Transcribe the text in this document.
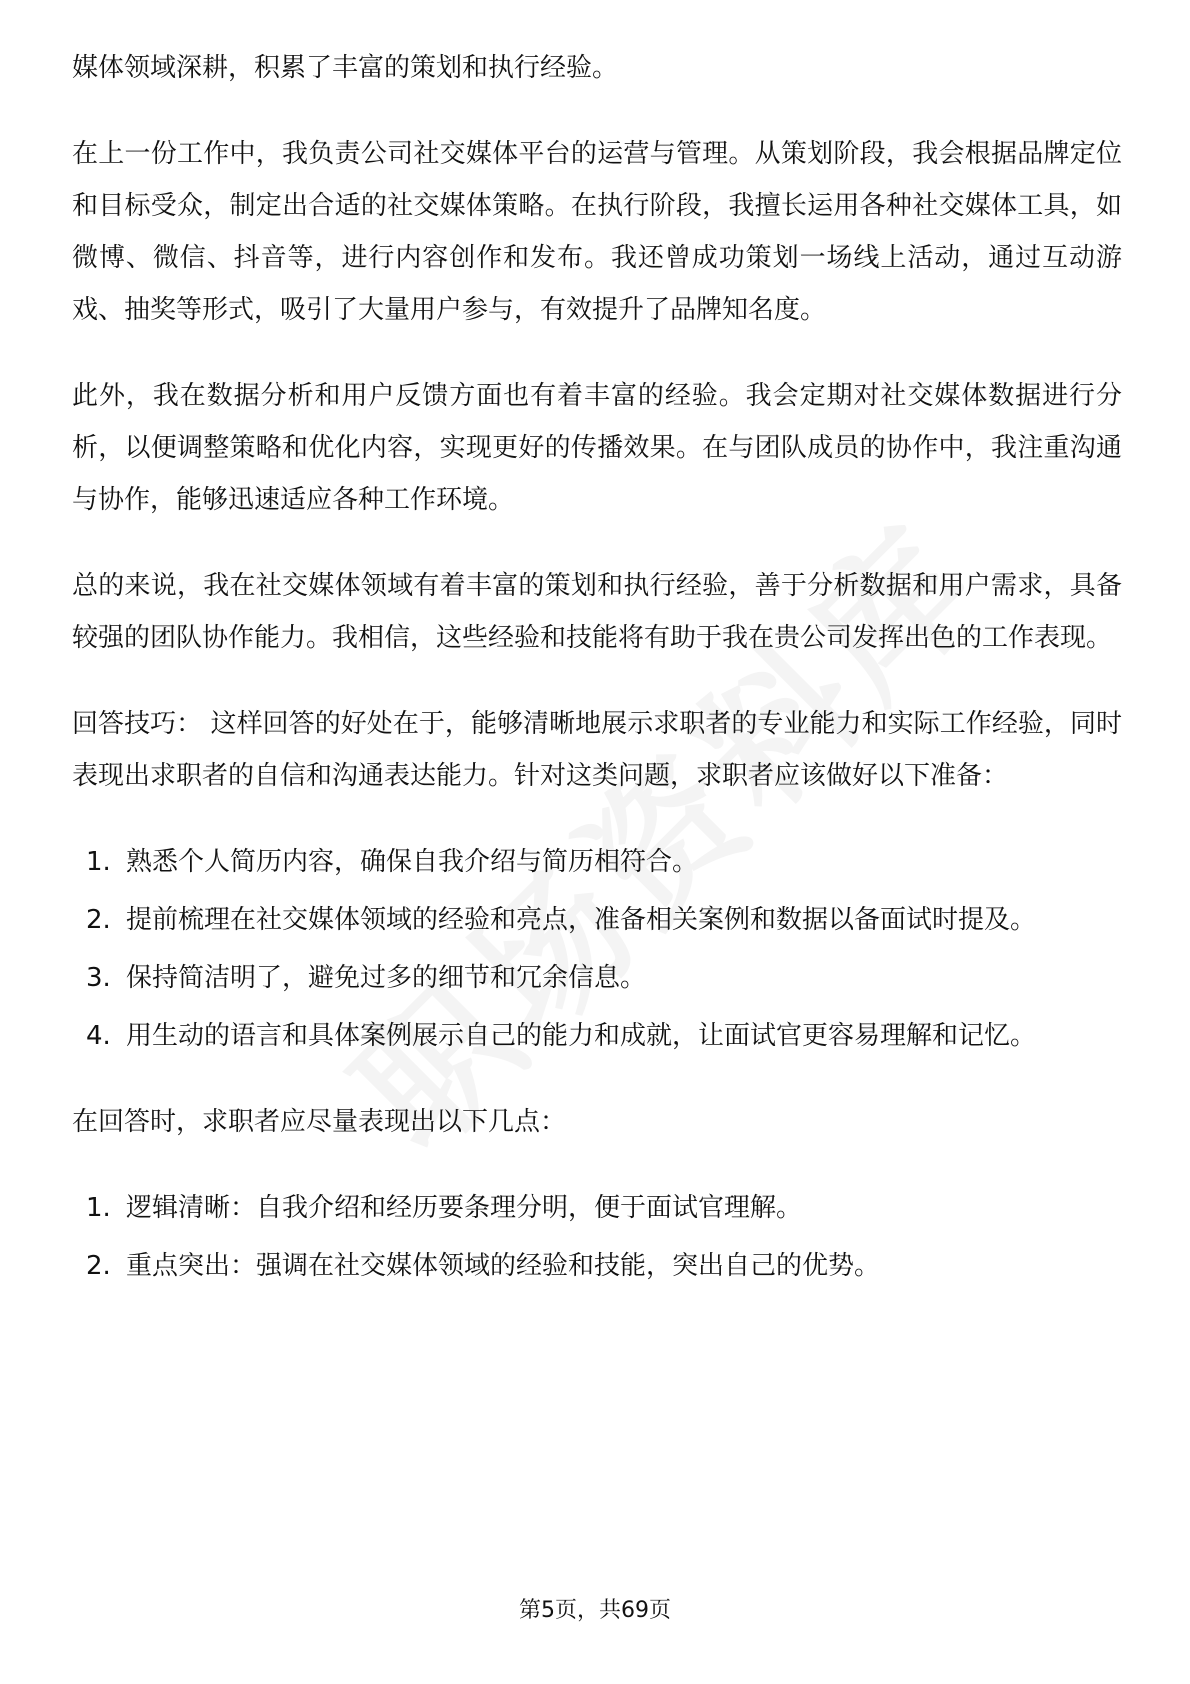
媒体领域深耕，积累了丰富的策划和执行经验。

在上一份工作中，我负责公司社交媒体平台的运营与管理。从策划阶段，我会根据品牌定位和目标受众，制定出合适的社交媒体策略。在执行阶段，我擅长运用各种社交媒体工具，如微博、微信、抖音等，进行内容创作和发布。我还曾成功策划一场线上活动，通过互动游戏、抽奖等形式，吸引了大量用户参与，有效提升了品牌知名度。

此外，我在数据分析和用户反馈方面也有着丰富的经验。我会定期对社交媒体数据进行分析，以便调整策略和优化内容，实现更好的传播效果。在与团队成员的协作中，我注重沟通与协作，能够迅速适应各种工作环境。

总的来说，我在社交媒体领域有着丰富的策划和执行经验，善于分析数据和用户需求，具备较强的团队协作能力。我相信，这些经验和技能将有助于我在贵公司发挥出色的工作表现。

回答技巧： 这样回答的好处在于，能够清晰地展示求职者的专业能力和实际工作经验，同时表现出求职者的自信和沟通表达能力。针对这类问题，求职者应该做好以下准备：

1. 熟悉个人简历内容，确保自我介绍与简历相符合。
2. 提前梳理在社交媒体领域的经验和亮点，准备相关案例和数据以备面试时提及。
3. 保持简洁明了，避免过多的细节和冗余信息。
4. 用生动的语言和具体案例展示自己的能力和成就，让面试官更容易理解和记忆。

在回答时，求职者应尽量表现出以下几点：

1. 逻辑清晰：自我介绍和经历要条理分明，便于面试官理解。
2. 重点突出：强调在社交媒体领域的经验和技能，突出自己的优势。
第5页，共69页
